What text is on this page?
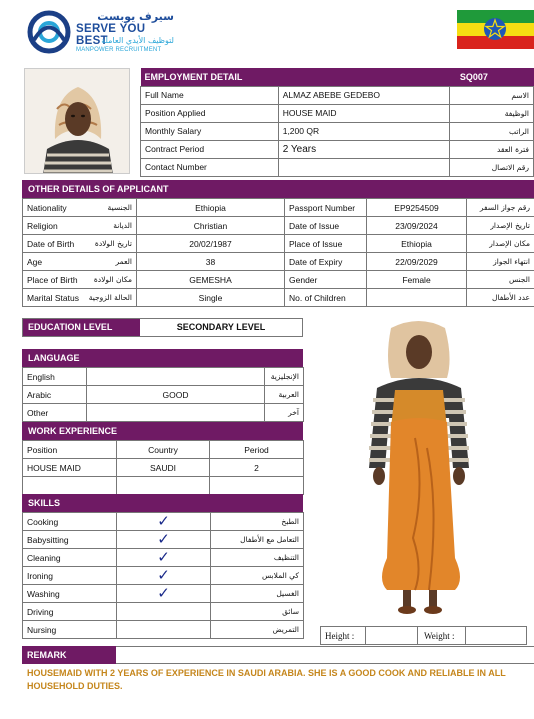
سيرف يوبست
SERVE YOU BEST
لتوظيف الأيدي العاملة
MANPOWER RECRUITMENT
EMPLOYMENT DETAIL	SQ007	
Full Name	ALMAZ ABEBE GEDEBO	الاسم
Position Applied	HOUSE MAID	الوظيفة
Monthly Salary	1,200 QR	الراتب
Contract Period	2 Years	فترة العقد
Contact Number		رقم الاتصال
OTHER DETAILS OF APPLICANT
Nationality	الجنسية	Ethiopia	Passport Number	EP9254509	رقم جواز السفر
Religion	الديانة	Christian	Date of Issue	23/09/2024	تاريخ الإصدار
Date of Birth	تاريخ الولادة	20/02/1987	Place of Issue	Ethiopia	مكان الإصدار
Age	العمر	38	Date of Expiry	22/09/2029	انتهاء الجواز
Place of Birth	مكان الولادة	GEMESHA	Gender	Female	الجنس
Marital Status	الحالة الزوجية	Single	No. of Children		عدد الأطفال
EDUCATION LEVEL	SECONDARY LEVEL
LANGUAGE
English		الإنجليزية
Arabic	GOOD	العربية
Other		آخر
WORK EXPERIENCE
Position	Country	Period
HOUSE MAID	SAUDI	2

SKILLS
Cooking	✓	الطبخ
Babysitting	✓	التعامل مع الأطفال
Cleaning	✓	التنظيف
Ironing	✓	كي الملابس
Washing	✓	الغسيل
Driving		سائق
Nursing		التمريض
Height :	Weight :
REMARK
HOUSEMAID WITH 2 YEARS OF EXPERIENCE IN SAUDI ARABIA. SHE IS A GOOD COOK AND RELIABLE IN ALL HOUSEHOLD DUTIES.
